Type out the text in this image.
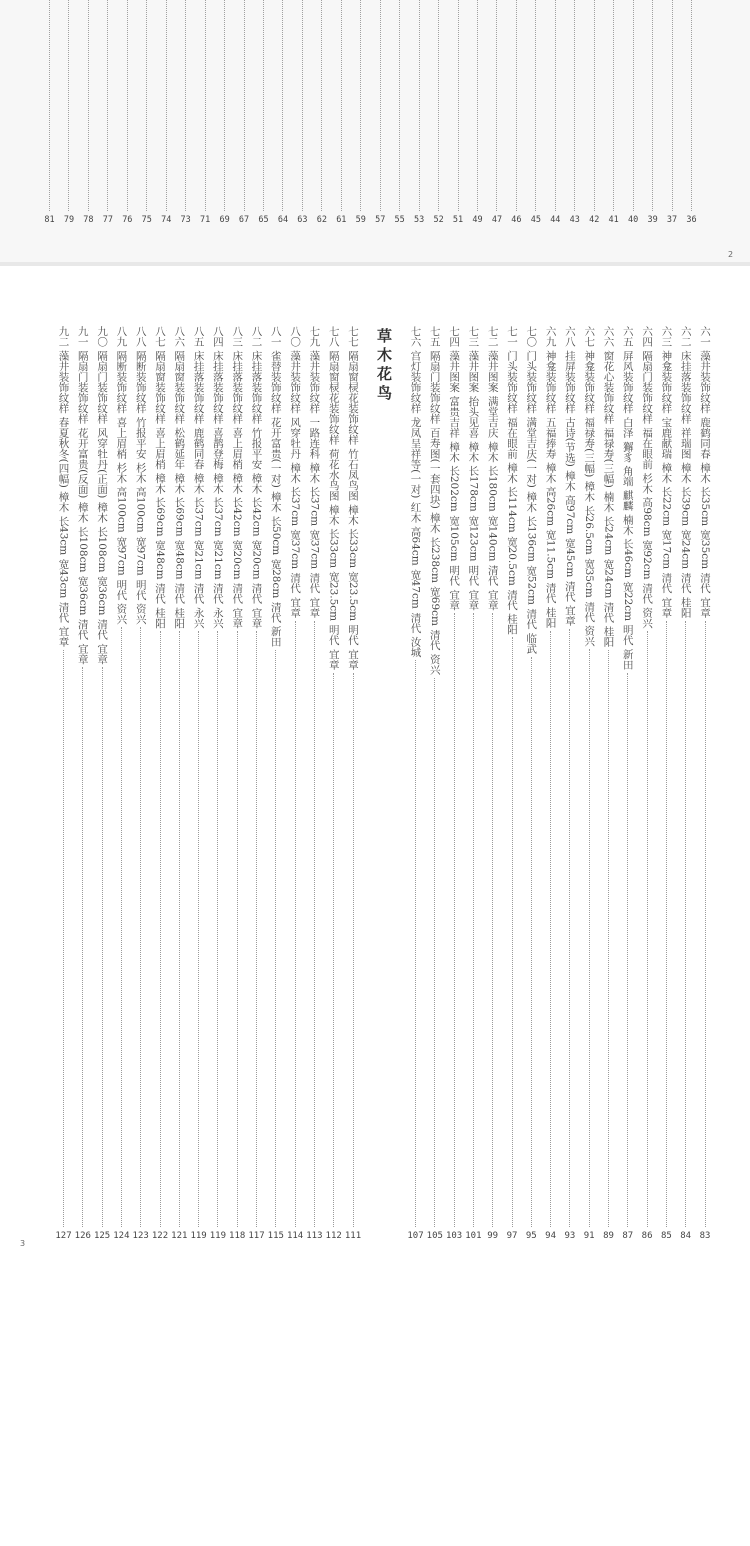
81 79 78 77 76 75 74 73 71 69 67 65 64 63 62 61 59 57 55 53 52 51 49 47 46 45 44 43 42 41 40 39 37 36
2
六一 藻井装饰纹样 鹿鹤同春 樟木 长35cm 宽35cm 清代 宜章
83
六二 床挂落装饰纹样 祥瑞图 樟木 长39cm 宽24cm 清代 桂阳
84
六三 神龛装饰纹样 宝鹿献瑞 樟木 长22cm 宽17cm 清代 宜章
85
六四 隔扇门装饰纹样 福在眼前 杉木 高98cm 宽92cm 清代 资兴
86
六五 屏风装饰纹样 白泽 獬豸 角端 麒麟 楠木 长46cm 宽22cm 明代 新田
87
六六 窗花心装饰纹样 福禄寿(三幅) 楠木 长24cm 宽24cm 清代 桂阳
89
六七 神龛装饰纹样 福禄寿(三幅) 樟木 长26.5cm 宽35cm 清代 资兴
91
六八 挂屏装饰纹样 古诗(节选) 樟木 高97cm 宽45cm 清代 宜章
93
六九 神龛装饰纹样 五福捧寿 樟木 高26cm 宽11.5cm 清代 桂阳
94
七〇 门头装饰纹样 满堂吉庆(一对) 樟木 长136cm 宽52cm 清代 临武
95
七一 门头装饰纹样 福在眼前 樟木 长114cm 宽20.5cm 清代 桂阳
97
七二 藻井图案 满堂吉庆 樟木 长180cm 宽140cm 清代 宜章
99
七三 藻井图案 抬头见喜 樟木 长178cm 宽123cm 明代 宜章
101
七四 藻井图案 富贵吉祥 樟木 长202cm 宽105cm 明代 宜章
103
七五 隔扇门装饰纹样 百寿图(一套四块) 樟木 长238cm 宽69cm 清代 资兴
105
七六 宫灯装饰纹样 龙凤呈祥等(一对) 红木 高64cm 宽47cm 清代 汝城
107
草木花鸟
七七 隔扇窗棂花装饰纹样 竹石凤鸟图 樟木 长33cm 宽23.5cm 明代 宜章
111
七八 隔扇窗棂花装饰纹样 荷花水鸟图 樟木 长33cm 宽23.5cm 明代 宜章
112
七九 藻井装饰纹样 一路连科 樟木 长37cm 宽37cm 清代 宜章
113
八〇 藻井装饰纹样 风穿牡丹 樟木 长37cm 宽37cm 清代 宜章
114
八一 雀替装饰纹样 花开富贵(一对) 樟木 长50cm 宽28cm 清代 新田
115
八二 床挂落装饰纹样 竹报平安 樟木 长42cm 宽20cm 清代 宜章
117
八三 床挂落装饰纹样 喜上眉梢 樟木 长42cm 宽20cm 清代 宜章
118
八四 床挂落装饰纹样 喜鹊登梅 樟木 长37cm 宽21cm 清代 永兴
119
八五 床挂落装饰纹样 鹿鹤同春 樟木 长37cm 宽21cm 清代 永兴
119
八六 隔扇窗装饰纹样 松鹤延年 樟木 长69cm 宽48cm 清代 桂阳
121
八七 隔扇窗装饰纹样 喜上眉梢 樟木 长69cm 宽48cm 清代 桂阳
122
八八 隔断装饰纹样 竹报平安 杉木 高100cm 宽97cm 明代 资兴
123
八九 隔断装饰纹样 喜上眉梢 杉木 高100cm 宽97cm 明代 资兴
124
九〇 隔扇门装饰纹样 风穿牡丹(正面) 樟木 长108cm 宽36cm 清代 宜章
125
九一 隔扇门装饰纹样 花开富贵(反面) 樟木 长108cm 宽36cm 清代 宜章
126
九二 藻井装饰纹样 春夏秋冬(四幅) 樟木 长43cm 宽43cm 清代 宜章
127
3
